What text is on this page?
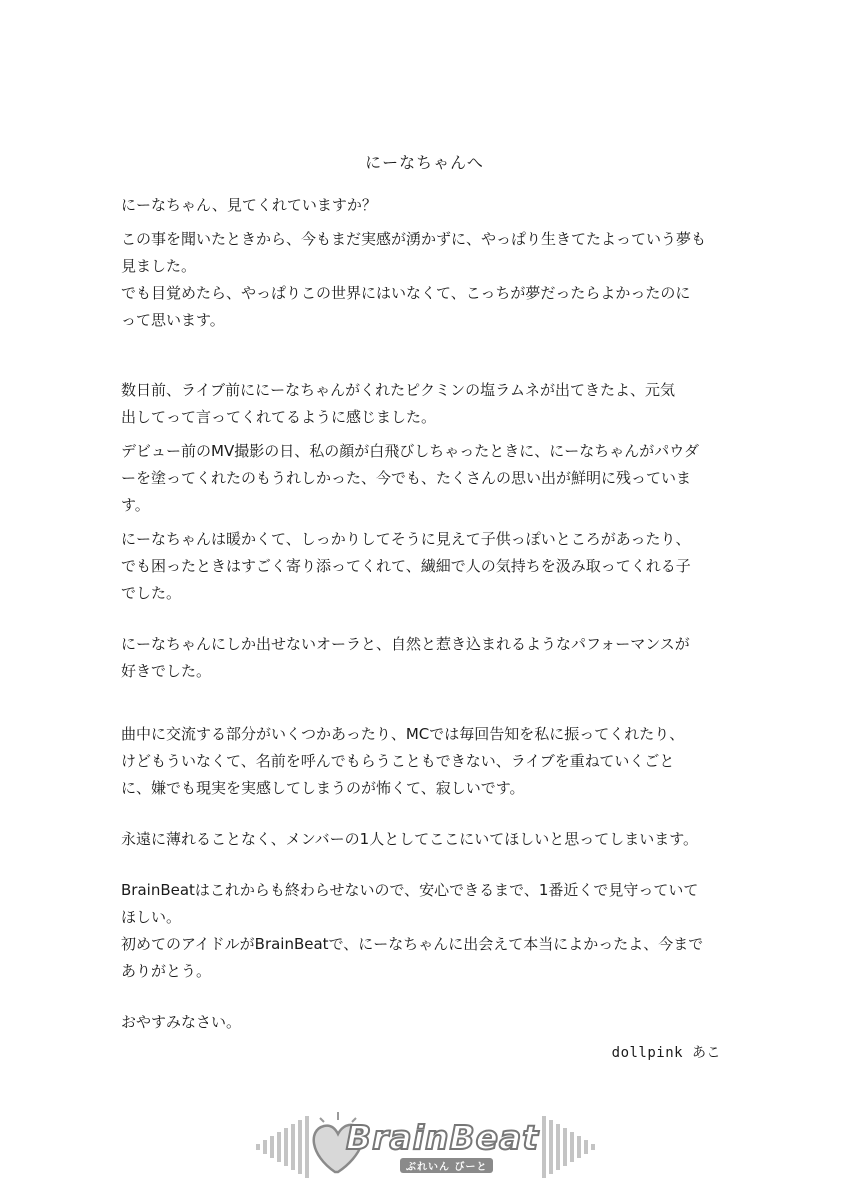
にーなちゃんへ

にーなちゃん、見てくれていますか？

この事を聞いたときから、今もまだ実感が湧かずに、やっぱり生きてたよっていう夢も

見ました。

でも目覚めたら、やっぱりこの世界にはいなくて、こっちが夢だったらよかったのに

って思います。

数日前、ライブ前ににーなちゃんがくれたピクミンの塩ラムネが出てきたよ、元気

出してって言ってくれてるように感じました。

デビュー前のMV撮影の日、私の顔が白飛びしちゃったときに、にーなちゃんがパウダ

ーを塗ってくれたのもうれしかった、今でも、たくさんの思い出が鮮明に残っていま

す。

にーなちゃんは暖かくて、しっかりしてそうに見えて子供っぽいところがあったり、

でも困ったときはすごく寄り添ってくれて、繊細で人の気持ちを汲み取ってくれる子

でした。

にーなちゃんにしか出せないオーラと、自然と惹き込まれるようなパフォーマンスが

好きでした。

曲中に交流する部分がいくつかあったり、MCでは毎回告知を私に振ってくれたり、

けどもういなくて、名前を呼んでもらうこともできない、ライブを重ねていくごと

に、嫌でも現実を実感してしまうのが怖くて、寂しいです。

永遠に薄れることなく、メンバーの1人としてここにいてほしいと思ってしまいます。

BrainBeatはこれからも終わらせないので、安心できるまで、1番近くで見守っていて

ほしい。

初めてのアイドルがBrainBeatで、にーなちゃんに出会えて本当によかったよ、今まで

ありがとう。

おやすみなさい。

dollpink あこ
BrainBeat
ぶれいん びーと
